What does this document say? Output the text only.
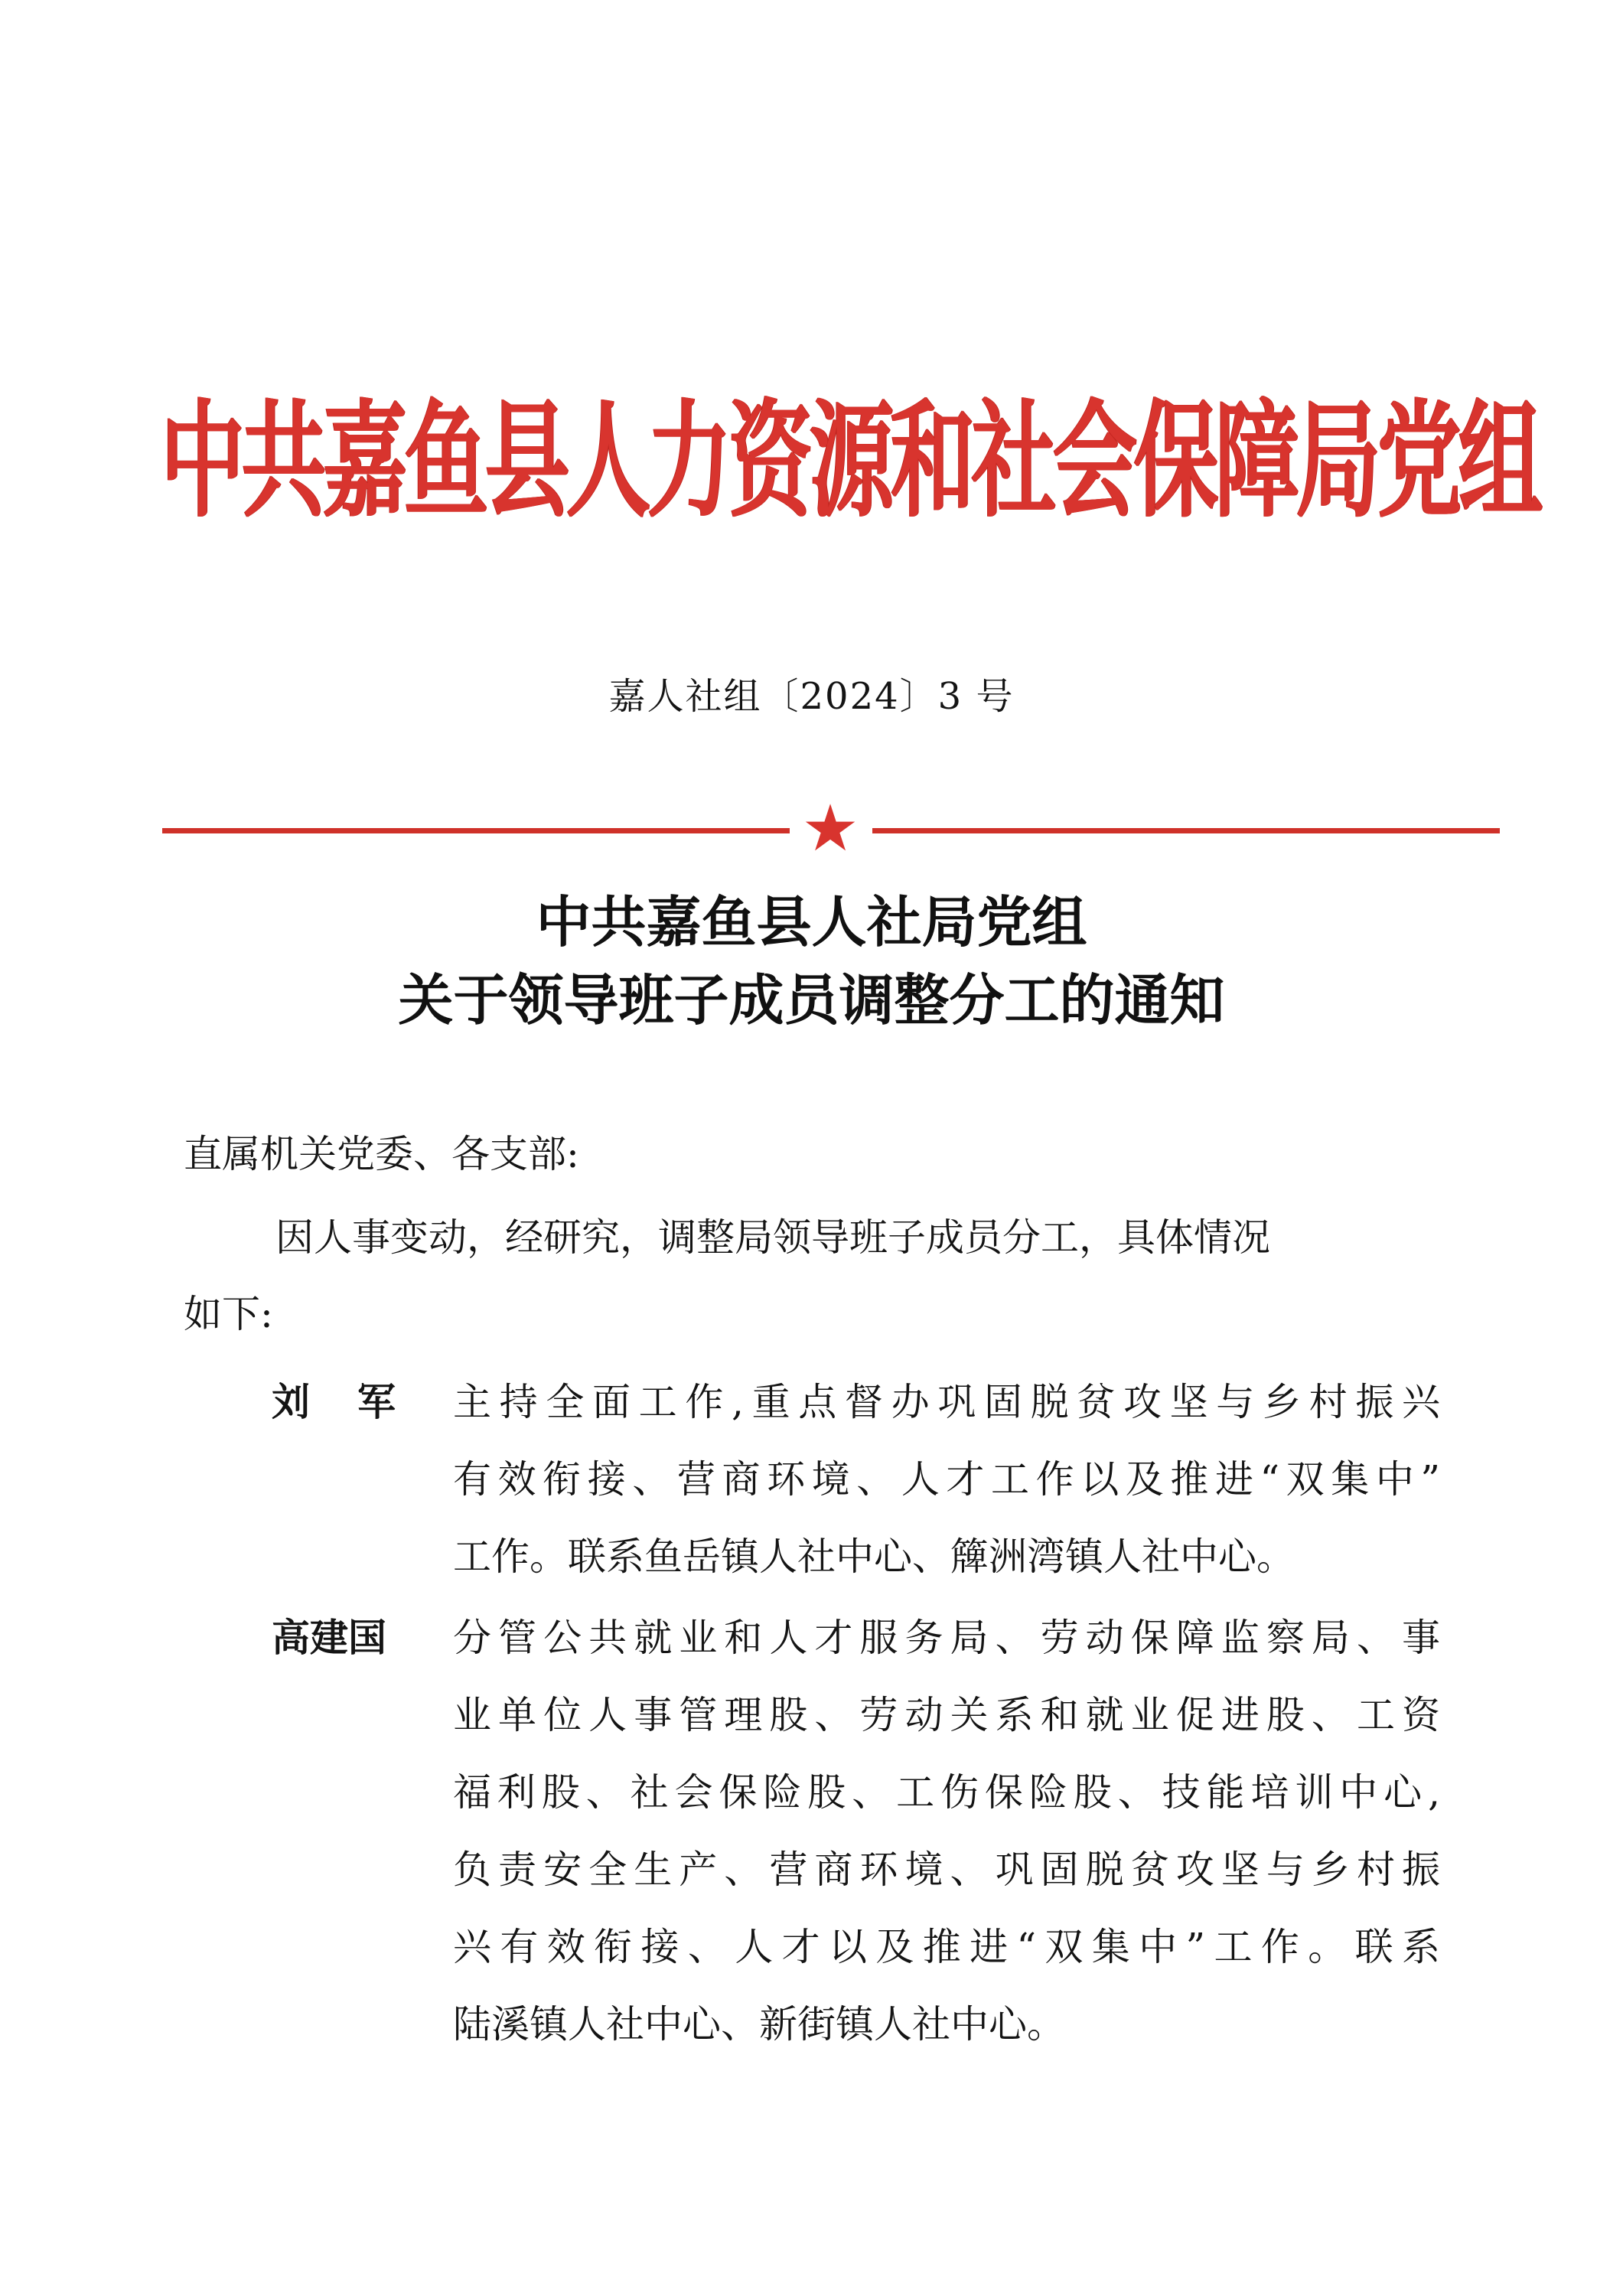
中共嘉鱼县人力资源和社会保障局党组
嘉人社组〔2024〕3 号
★
中共嘉鱼县人社局党组
关于领导班子成员调整分工的通知
直属机关党委、各支部:
因人事变动，经研究，调整局领导班子成员分工，具体情况
如下:
刘军 主持全面工作,重点督办巩固脱贫攻坚与乡村振兴
有效衔接、营商环境、人才工作以及推进“双集中”
工作。联系鱼岳镇人社中心、簰洲湾镇人社中心。
高建国 分管公共就业和人才服务局、劳动保障监察局、事
业单位人事管理股、劳动关系和就业促进股、工资
福利股、社会保险股、工伤保险股、技能培训中心,
负责安全生产、营商环境、巩固脱贫攻坚与乡村振
兴有效衔接、人才以及推进“双集中”工作。联系
陆溪镇人社中心、新街镇人社中心。
